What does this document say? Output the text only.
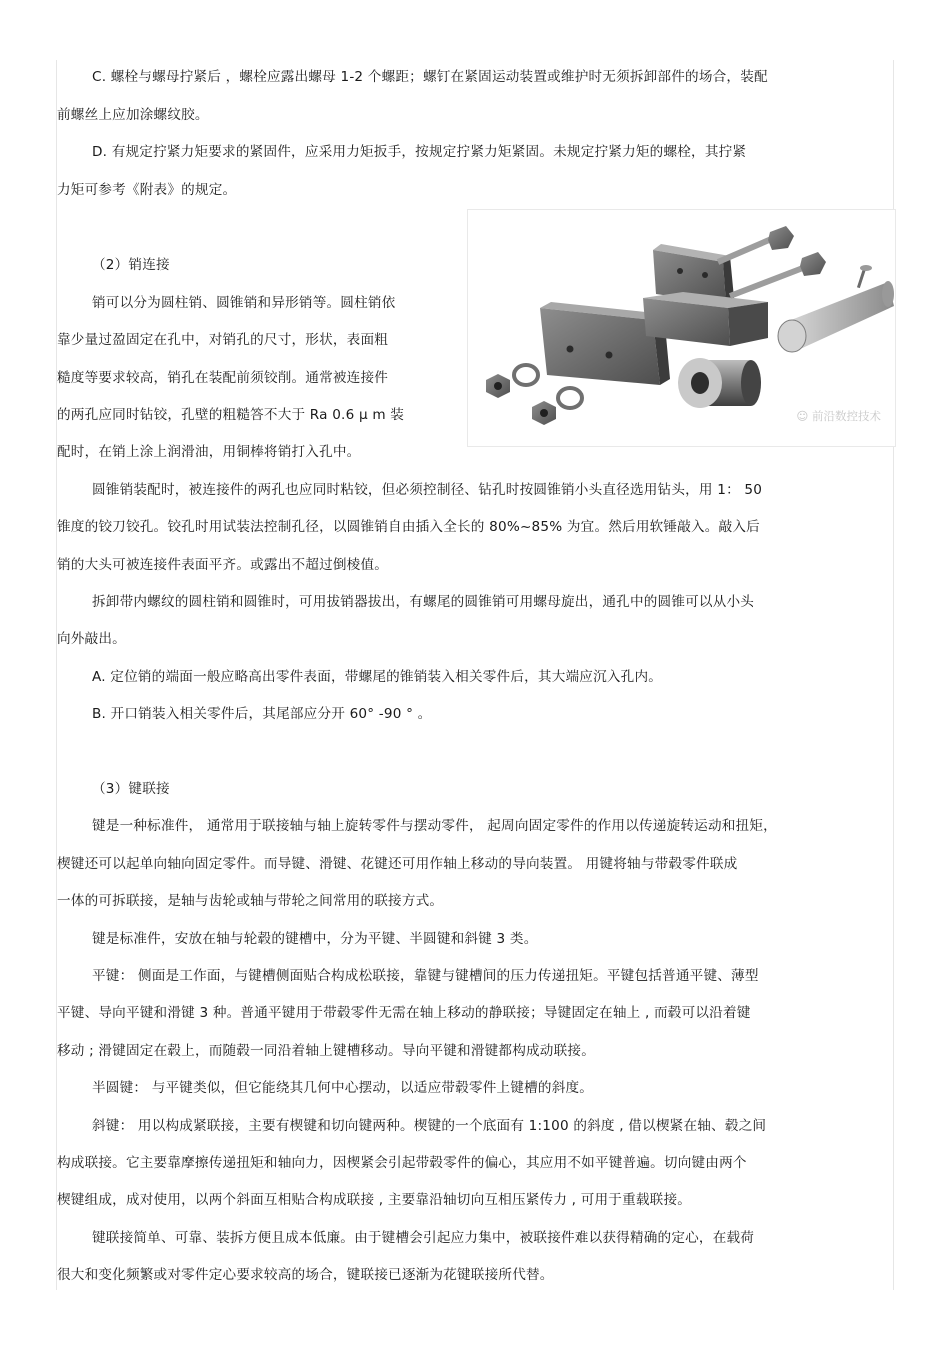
C. 螺栓与螺母拧紧后 ，螺栓应露出螺母 1-2 个螺距；螺钉在紧固运动装置或维护时无须拆卸部件的场合，装配
前螺丝上应加涂螺纹胶。
D. 有规定拧紧力矩要求的紧固件，应采用力矩扳手，按规定拧紧力矩紧固。未规定拧紧力矩的螺栓，其拧紧
力矩可参考《附表》的规定。
（2）销连接
销可以分为圆柱销、圆锥销和异形销等。圆柱销依
靠少量过盈固定在孔中，对销孔的尺寸，形状，表面粗
糙度等要求较高，销孔在装配前须铰削。通常被连接件
的两孔应同时钻铰，孔壁的粗糙答不大于 Ra 0.6 μ m 装
配时，在销上涂上润滑油，用铜棒将销打入孔中。
☺ 前沿数控技术
圆锥销装配时，被连接件的两孔也应同时粘铰，但必须控制径、钻孔时按圆锥销小头直径选用钻头，用 1： 50
锥度的铰刀铰孔。铰孔时用试装法控制孔径，以圆锥销自由插入全长的 80%~85% 为宜。然后用软锤敲入。敲入后
销的大头可被连接件表面平齐。或露出不超过倒棱值。
拆卸带内螺纹的圆柱销和圆锥时，可用拔销器拔出，有螺尾的圆锥销可用螺母旋出，通孔中的圆锥可以从小头
向外敲出。
A. 定位销的端面一般应略高出零件表面，带螺尾的锥销装入相关零件后，其大端应沉入孔内。
B. 开口销装入相关零件后，其尾部应分开 60° -90 ° 。
（3）键联接
键是一种标准件， 通常用于联接轴与轴上旋转零件与摆动零件， 起周向固定零件的作用以传递旋转运动和扭矩，
楔键还可以起单向轴向固定零件。而导键、滑键、花键还可用作轴上移动的导向装置。 用键将轴与带毂零件联成
一体的可拆联接，是轴与齿轮或轴与带轮之间常用的联接方式。
键是标准件，安放在轴与轮毂的键槽中，分为平键、半圆键和斜键 3 类。
平键： 侧面是工作面，与键槽侧面贴合构成松联接，靠键与键槽间的压力传递扭矩。平键包括普通平键、薄型
平键、导向平键和滑键 3 种。普通平键用于带毂零件无需在轴上移动的静联接；导键固定在轴上 , 而毂可以沿着键
移动 ; 滑键固定在毂上，而随毂一同沿着轴上键槽移动。导向平键和滑键都构成动联接。
半圆键： 与平键类似，但它能绕其几何中心摆动，以适应带毂零件上键槽的斜度。
斜键： 用以构成紧联接，主要有楔键和切向键两种。楔键的一个底面有 1:100 的斜度 , 借以楔紧在轴、毂之间
构成联接。它主要靠摩擦传递扭矩和轴向力，因楔紧会引起带毂零件的偏心，其应用不如平键普遍。切向键由两个
楔键组成，成对使用，以两个斜面互相贴合构成联接 , 主要靠沿轴切向互相压紧传力 , 可用于重载联接。
键联接简单、可靠、装拆方便且成本低廉。由于键槽会引起应力集中，被联接件难以获得精确的定心，在载荷
很大和变化频繁或对零件定心要求较高的场合，键联接已逐渐为花键联接所代替。
